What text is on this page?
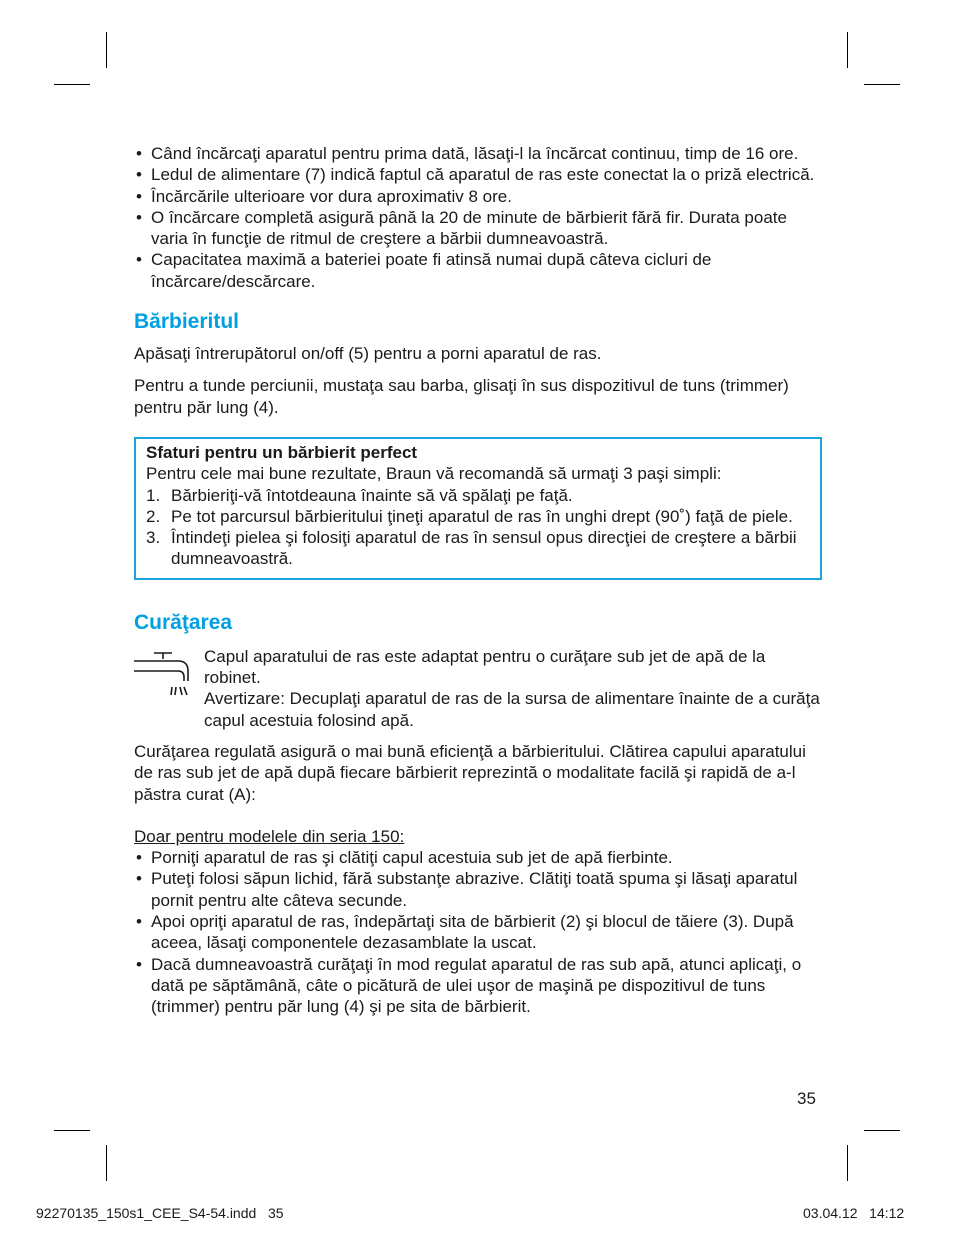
• Când încărcaţi aparatul pentru prima dată, lăsaţi-l la încărcat continuu, timp de 16 ore.
• Ledul de alimentare (7) indică faptul că aparatul de ras este conectat la o priză electrică.
• Încărcările ulterioare vor dura aproximativ 8 ore.
• O încărcare completă asigură până la 20 de minute de bărbierit fără fir. Durata poate varia în funcţie de ritmul de creştere a bărbii dumneavoastră.
• Capacitatea maximă a bateriei poate fi atinsă numai după câteva cicluri de încărcare/descărcare.
Bărbieritul

Apăsaţi întrerupătorul on/off (5) pentru a porni aparatul de ras.

Pentru a tunde perciunii, mustaţa sau barba, glisaţi în sus dispozitivul de tuns (trimmer) pentru păr lung (4).

Sfaturi pentru un bărbierit perfect
Pentru cele mai bune rezultate, Braun vă recomandă să urmaţi 3 paşi simpli:
1. Bărbieriţi-vă întotdeauna înainte să vă spălaţi pe faţă.
2. Pe tot parcursul bărbieritului ţineţi aparatul de ras în unghi drept (90˚) faţă de piele.
3. Întindeţi pielea şi folosiţi aparatul de ras în sensul opus direcţiei de creştere a bărbii dumneavoastră.
Curăţarea
Capul aparatului de ras este adaptat pentru o curăţare sub jet de apă de la robinet.
Avertizare: Decuplaţi aparatul de ras de la sursa de alimentare înainte de a curăţa capul acestuia folosind apă.

Curăţarea regulată asigură o mai bună eficienţă a bărbieritului. Clătirea capului aparatului de ras sub jet de apă după fiecare bărbierit reprezintă o modalitate facilă şi rapidă de a-l păstra curat (A):

Doar pentru modelele din seria 150:

• Porniţi aparatul de ras şi clătiţi capul acestuia sub jet de apă fierbinte.
• Puteţi folosi săpun lichid, fără substanţe abrazive. Clătiţi toată spuma şi lăsaţi aparatul pornit pentru alte câteva secunde.
• Apoi opriţi aparatul de ras, îndepărtaţi sita de bărbierit (2) şi blocul de tăiere (3). După aceea, lăsaţi componentele dezasamblate la uscat.
• Dacă dumneavoastră curăţaţi în mod regulat aparatul de ras sub apă, atunci aplicaţi, o dată pe săptămână, câte o picătură de ulei uşor de maşină pe dispozitivul de tuns (trimmer) pentru păr lung (4) şi pe sita de bărbierit.
35
92270135_150s1_CEE_S4-54.indd   35	03.04.12   14:12
